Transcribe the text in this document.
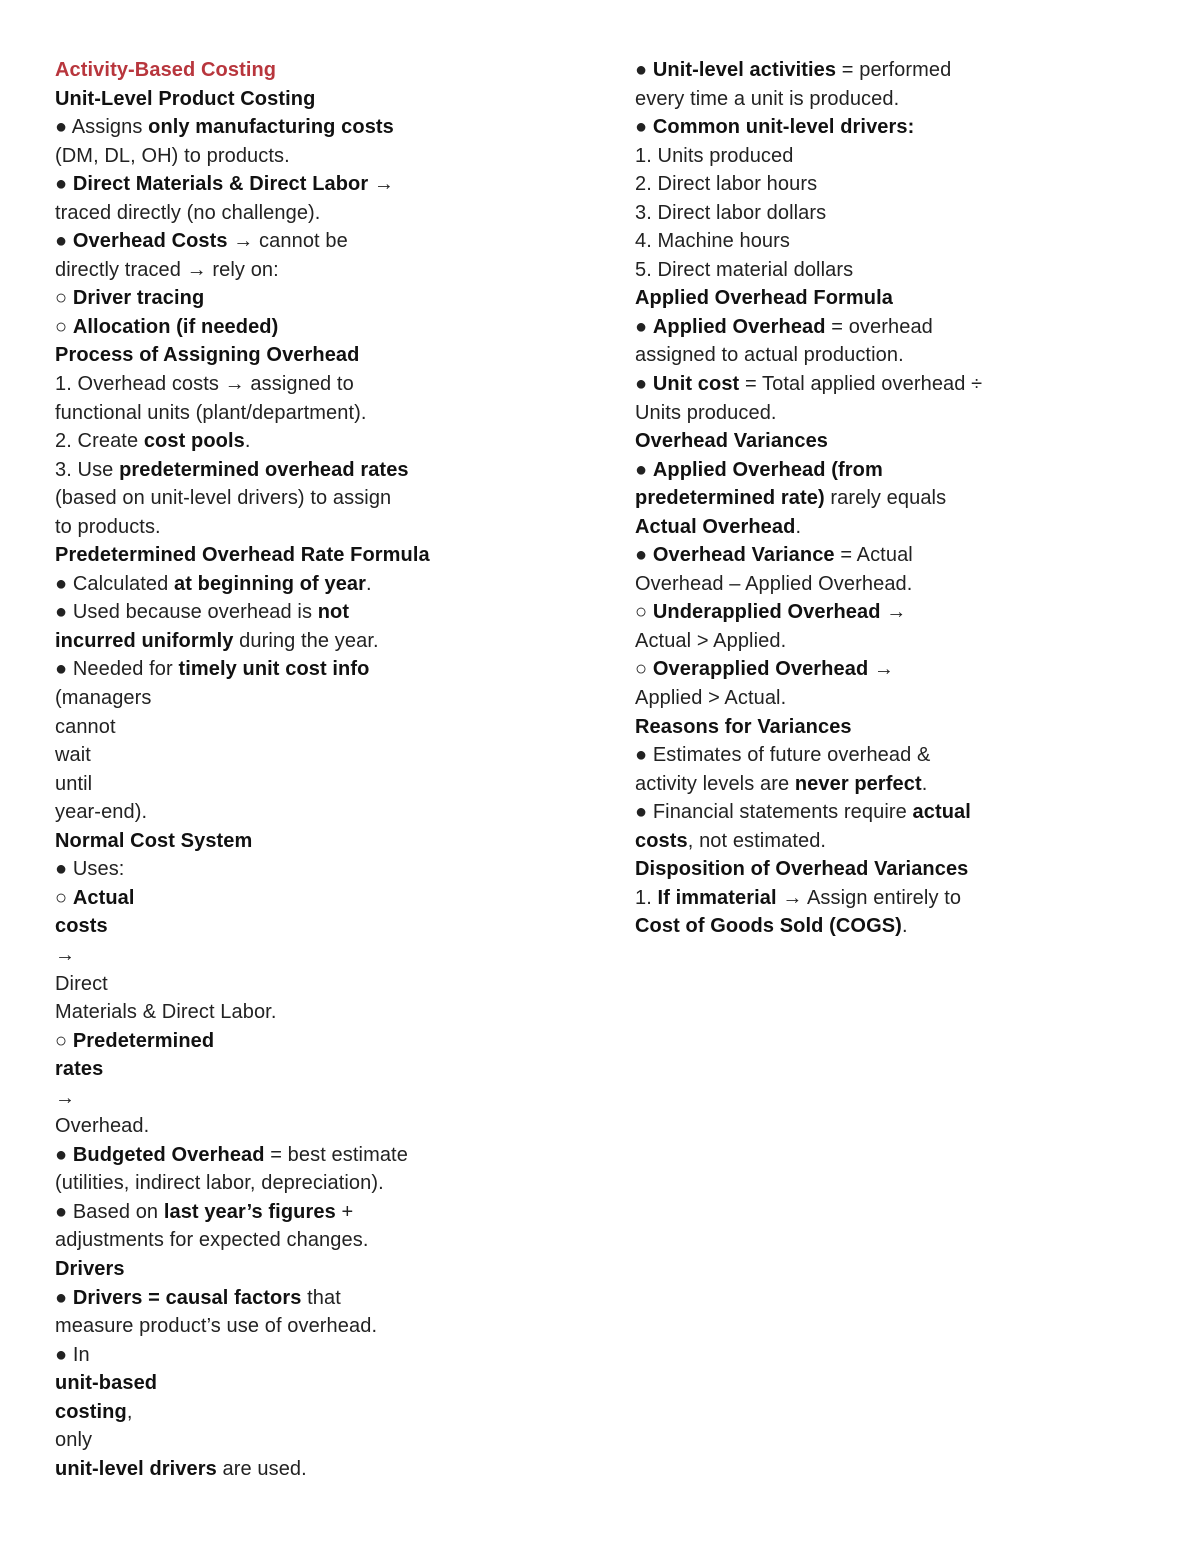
Activity-Based Costing
Unit-Level Product Costing
● Assigns only manufacturing costs
(DM, DL, OH) to products.
● Direct Materials & Direct Labor →
traced directly (no challenge).
● Overhead Costs → cannot be
directly traced → rely on:
○ Driver tracing
○ Allocation (if needed)
Process of Assigning Overhead
1. Overhead costs → assigned to
functional units (plant/department).
2. Create cost pools.
3. Use predetermined overhead rates
(based on unit-level drivers) to assign
to products.
Predetermined Overhead Rate Formula
● Calculated at beginning of year.
● Used because overhead is not
incurred uniformly during the year.
● Needed for timely unit cost info
(managers
cannot
wait
until
year-end).
Normal Cost System
● Uses:
○ Actual
costs
→
Direct
Materials & Direct Labor.
○ Predetermined
rates
→
Overhead.
● Budgeted Overhead = best estimate
(utilities, indirect labor, depreciation).
● Based on last year’s figures +
adjustments for expected changes.
Drivers
● Drivers = causal factors that
measure product’s use of overhead.
● In
unit-based
costing,
only
unit-level drivers are used.
● Unit-level activities = performed
every time a unit is produced.
● Common unit-level drivers:
1. Units produced
2. Direct labor hours
3. Direct labor dollars
4. Machine hours
5. Direct material dollars
Applied Overhead Formula
● Applied Overhead = overhead
assigned to actual production.
● Unit cost = Total applied overhead ÷
Units produced.
Overhead Variances
● Applied Overhead (from
predetermined rate) rarely equals
Actual Overhead.
● Overhead Variance = Actual
Overhead – Applied Overhead.
○ Underapplied Overhead →
Actual > Applied.
○ Overapplied Overhead →
Applied > Actual.
Reasons for Variances
● Estimates of future overhead &
activity levels are never perfect.
● Financial statements require actual
costs, not estimated.
Disposition of Overhead Variances
1. If immaterial → Assign entirely to
Cost of Goods Sold (COGS).
